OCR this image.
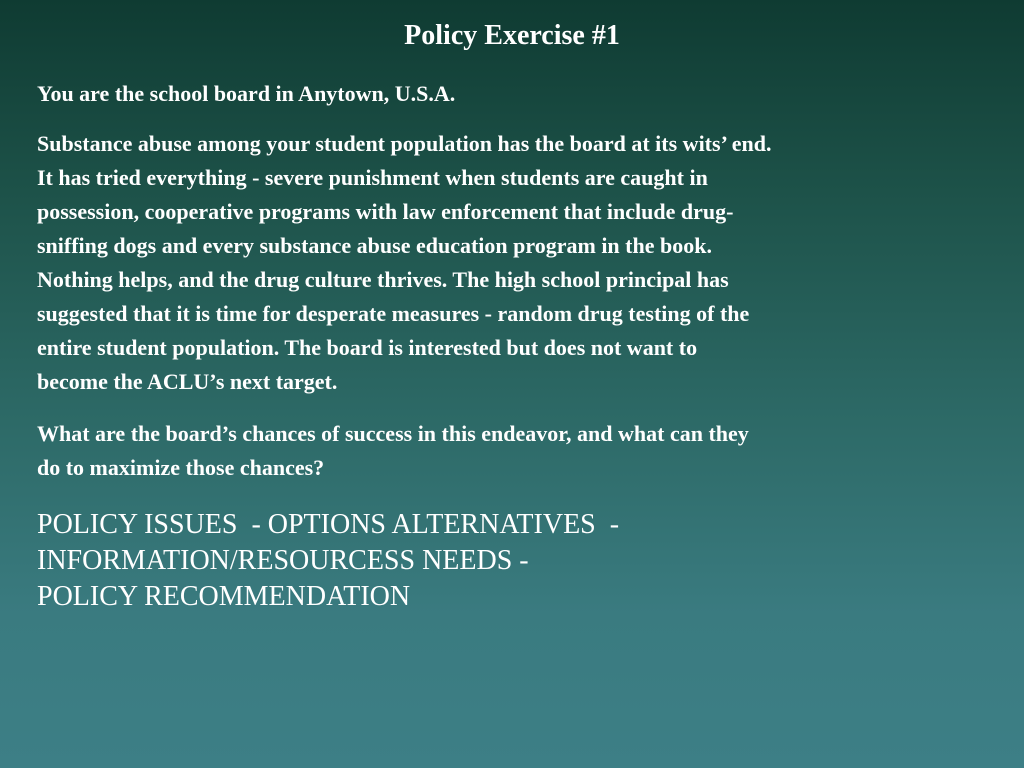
Policy Exercise #1

You are the school board in Anytown, U.S.A.

Substance abuse among your student population has the board at its wits’ end.
It has tried everything - severe punishment when students are caught in
possession, cooperative programs with law enforcement that include drug-
sniffing dogs and every substance abuse education program in the book.
Nothing helps, and the drug culture thrives. The high school principal has
suggested that it is time for desperate measures - random drug testing of the
entire student population. The board is interested but does not want to
become the ACLU’s next target.

What are the board’s chances of success in this endeavor, and what can they
do to maximize those chances?

POLICY ISSUES  - OPTIONS ALTERNATIVES  -
INFORMATION/RESOURCESS NEEDS -
POLICY RECOMMENDATION
